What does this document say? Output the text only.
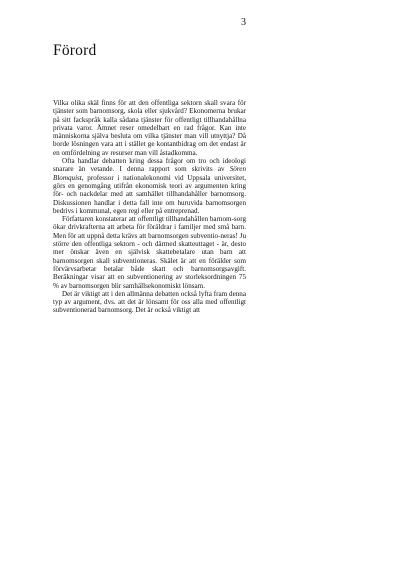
3
Förord

Vilka olika skäl finns för att den offentliga sektorn skall svara för tjänster som barnomsorg, skola eller sjukvård? Ekonomerna brukar på sitt fackspråk kalla sådana tjänster för offentligt tillhandahållna privata varor. Ämnet reser omedelbart en rad frågor. Kan inte människorna själva besluta om vilka tjänster man vill utnyttja? Då borde lösningen vara att i stället ge kontantbidrag om det endast är en omfördelning av resurser man vill åstadkomma.

Ofta handlar debatten kring dessa frågor om tro och ideologi snarare än vetande. I denna rapport som skrivits av Sören Blomquist, professor i nationalekonomi vid Uppsala universitet, görs en genomgång utifrån ekonomisk teori av argumenten kring för- och nackdelar med att samhället tillhandahåller barnomsorg. Diskussionen handlar i detta fall inte om huruvida barnomsorgen bedrivs i kommunal, egen regi eller på entreprenad.

Författaren konstaterar att offentligt tillhandahållen barnom-sorg ökar drivkrafterna att arbeta för föräldrar i familjer med små barn. Men för att uppnå detta krävs att barnomsorgen subventio-neras! Ju större den offentliga sektorn - och därmed skatteuttaget - är, desto mer önskar även en självisk skattebetalare utan barn att barnomsorgen skall subventioneras. Skälet är att en förälder som förvärvsarbetar betalar både skatt och barnomsorgsavgift. Beräkningar visar att en subventionering av storleksordningen 75 % av barnomsorgen blir samhällsekonomiskt lönsam.

Det är viktigt att i den allmänna debatten också lyfta fram denna typ av argument, dvs. att det är lönsamt för oss alla med offentligt subventionerad barnomsorg. Det är också viktigt att
